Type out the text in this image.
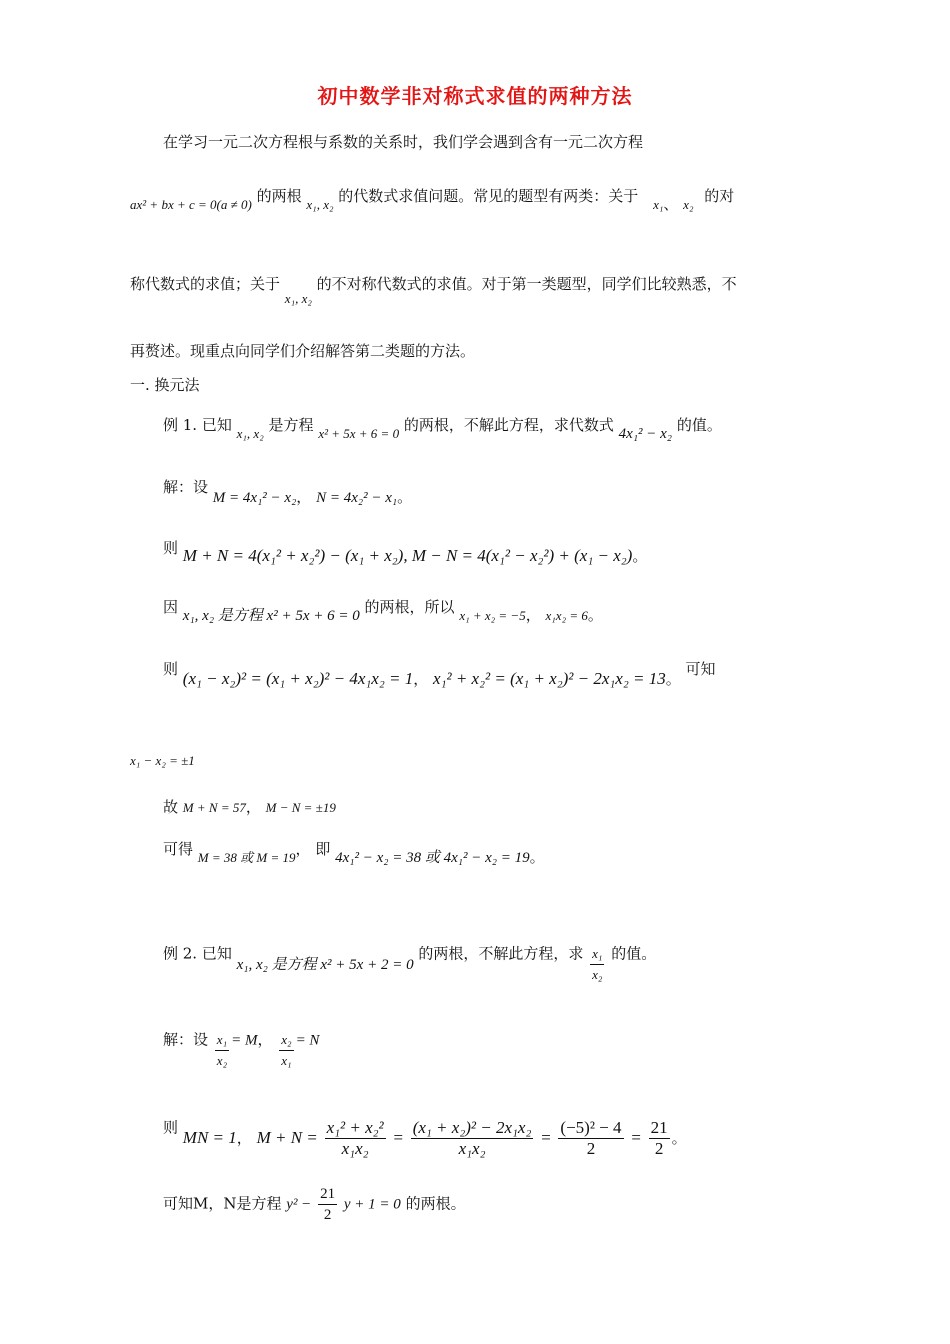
初中数学非对称式求值的两种方法
在学习一元二次方程根与系数的关系时，我们学会遇到含有一元二次方程
ax² + bx + c = 0(a ≠ 0) 的两根 x₁, x₂ 的代数式求值问题。常见的题型有两类：关于 x₁、 x₂ 的对
称代数式的求值；关于 x₁, x₂ 的不对称代数式的求值。对于第一类题型，同学们比较熟悉，不
再赘述。现重点向同学们介绍解答第二类题的方法。
一. 换元法
例 1. 已知 x₁, x₂ 是方程 x² + 5x + 6 = 0 的两根，不解此方程，求代数式 4x₁² − x₂ 的值。
解：设 M = 4x₁² − x₂， N = 4x₂² − x₁。
则 M + N = 4(x₁² + x₂²) − (x₁ + x₂), M − N = 4(x₁² − x₂²) + (x₁ − x₂)。
因 x₁, x₂ 是方程 x² + 5x + 6 = 0 的两根，所以 x₁ + x₂ = −5， x₁x₂ = 6。
则 (x₁ − x₂)² = (x₁ + x₂)² − 4x₁x₂ = 1， x₁² + x₂² = (x₁ + x₂)² − 2x₁x₂ = 13。 可知
x₁ − x₂ = ±1
故 M + N = 57， M − N = ±19
可得 M = 38 或 M = 19， 即 4x₁² − x₂ = 38 或 4x₁² − x₂ = 19。
例 2. 已知 x₁, x₂ 是方程 x² + 5x + 2 = 0 的两根，不解此方程，求 $\frac{\text{x₁}}{\text{x₂}}$ 的值。
解：设 $\frac{\text{x₁}}{\text{x₂}} = M$， $\frac{\text{x₂}}{\text{x₁}} = N$
则 MN = 1， $M + N = \frac{\text{x₁² + x₂²}}{\text{x₁x₂}} = \frac{\text{(x₁ + x₂)² − 2x₁x₂}}{\text{x₁x₂}} = \frac{\text{(−5)² − 4}}{2} = \frac{21}{2}$ 。
可知M，N是方程 $y^2 - \frac{21}{2}$ y + 1 = 0 的两根。
